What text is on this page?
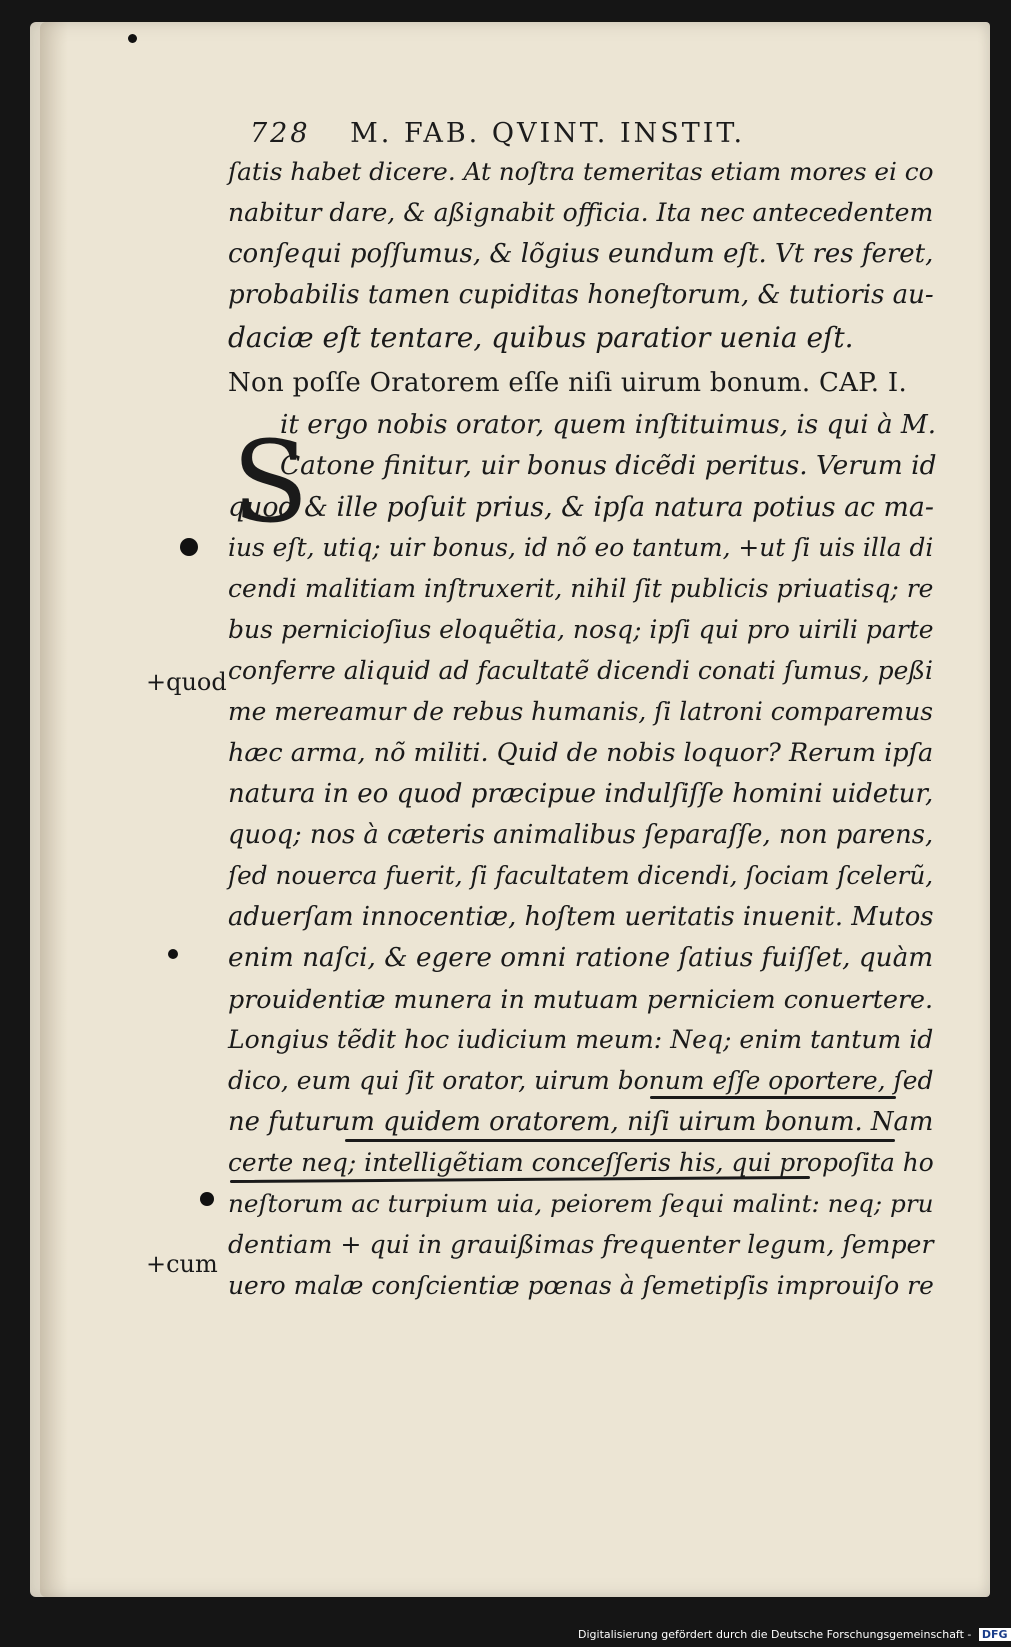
728 M. FAB. QVINT. INSTIT.
ſatis habet dicere. At noſtra temeritas etiam mores ei co
nabitur dare, & aßignabit officia. Ita nec antecedentem
conſequi poſſumus, & lõgius eundum eſt. Vt res feret,
probabilis tamen cupiditas honeſtorum, & tutioris au-
daciæ eſt tentare, quibus paratior uenia eſt.
Non poſſe Oratorem eſſe niſi uirum bonum. CAP. I.
S
it ergo nobis orator, quem inſtituimus, is qui à M.
Catone finitur, uir bonus dicẽdi peritus. Verum id
quod & ille poſuit prius, & ipſa natura potius ac ma-
ius eſt, utiq; uir bonus, id nõ eo tantum, +ut ſi uis illa di
cendi malitiam inſtruxerit, nihil ſit publicis priuatisq; re
bus pernicioſius eloquẽtia, nosq; ipſi qui pro uirili parte
conferre aliquid ad facultatẽ dicendi conati ſumus, peßi
me mereamur de rebus humanis, ſi latroni comparemus
hæc arma, nõ militi. Quid de nobis loquor? Rerum ipſa
natura in eo quod præcipue indulſiſſe homini uidetur,
quoq; nos à cæteris animalibus ſeparaſſe, non parens,
ſed nouerca fuerit, ſi facultatem dicendi, ſociam ſcelerũ,
aduerſam innocentiæ, hoſtem ueritatis inuenit. Mutos
enim naſci, & egere omni ratione ſatius fuiſſet, quàm
prouidentiæ munera in mutuam perniciem conuertere.
Longius tẽdit hoc iudicium meum: Neq; enim tantum id
dico, eum qui ſit orator, uirum bonum eſſe oportere, ſed
ne futurum quidem oratorem, niſi uirum bonum. Nam
certe neq; intelligẽtiam conceſſeris his, qui propoſita ho
neſtorum ac turpium uia, peiorem ſequi malint: neq; pru
dentiam + qui in grauißimas frequenter legum, ſemper
uero malæ conſcientiæ pœnas à ſemetipſis improuiſo re
+quod
+cum
Digitalisierung gefördert durch die Deutsche Forschungsgemeinschaft - DFG
